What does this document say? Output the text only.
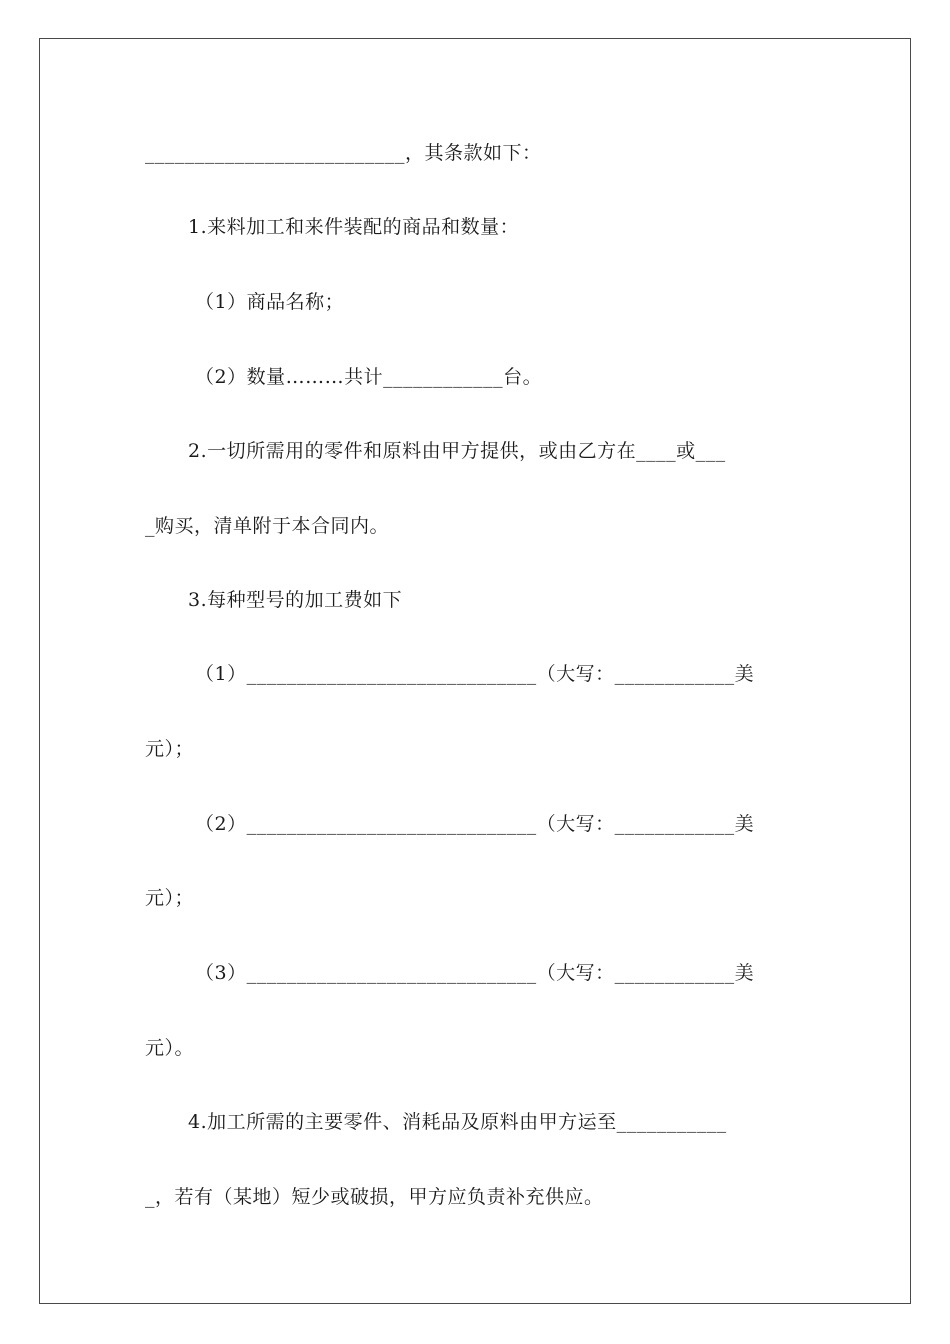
__________________________，其条款如下：
1.来料加工和来件装配的商品和数量：
（1）商品名称；
（2）数量………共计____________台。
2.一切所需用的零件和原料由甲方提供，或由乙方在____或___
_购买，清单附于本合同内。
3.每种型号的加工费如下
（1）_____________________________（大写：____________美
元）；
（2）_____________________________（大写：____________美
元）；
（3）_____________________________（大写：____________美
元）。
4.加工所需的主要零件、消耗品及原料由甲方运至___________
_，若有（某地）短少或破损，甲方应负责补充供应。
